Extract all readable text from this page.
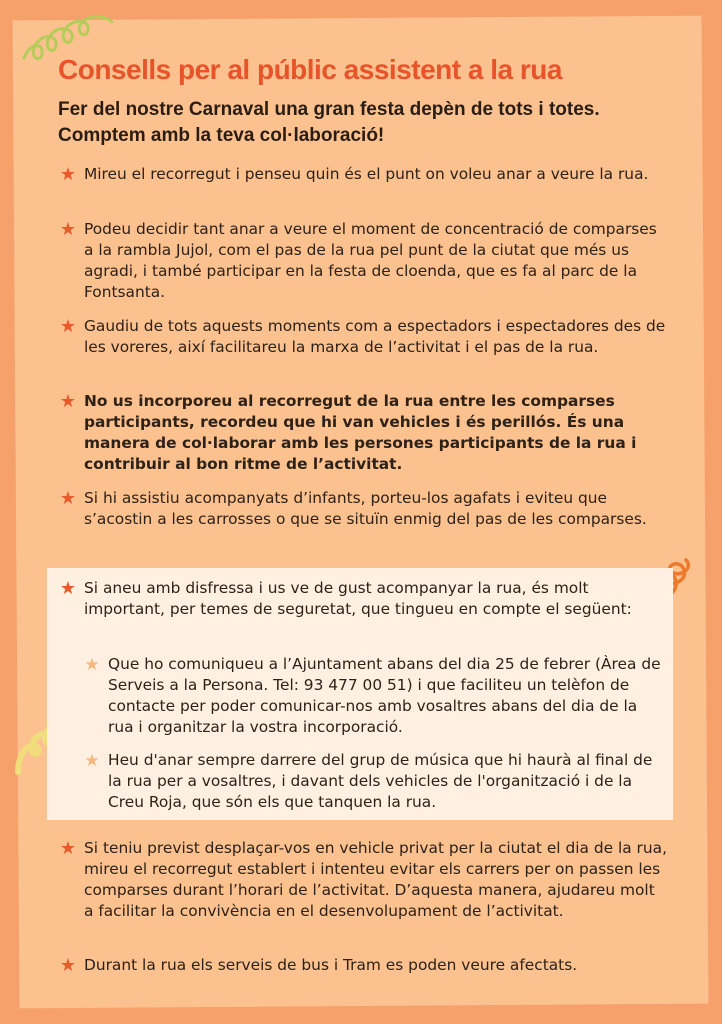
Consells per al públic assistent a la rua

Fer del nostre Carnaval una gran festa depèn de tots i totes. Comptem amb la teva col·laboració!

★ Mireu el recorregut i penseu quin és el punt on voleu anar a veure la rua.
★ Podeu decidir tant anar a veure el moment de concentració de comparses a la rambla Jujol, com el pas de la rua pel punt de la ciutat que més us agradi, i també participar en la festa de cloenda, que es fa al parc de la Fontsanta.
★ Gaudiu de tots aquests moments com a espectadors i espectadores des de les voreres, així facilitareu la marxa de l’activitat i el pas de la rua.
★ No us incorporeu al recorregut de la rua entre les comparses participants, recordeu que hi van vehicles i és perillós. És una manera de col·laborar amb les persones participants de la rua i contribuir al bon ritme de l’activitat.
★ Si hi assistiu acompanyats d’infants, porteu-los agafats i eviteu que s’acostin a les carrosses o que se situïn enmig del pas de les comparses.
★ Si aneu amb disfressa i us ve de gust acompanyar la rua, és molt important, per temes de seguretat, que tingueu en compte el següent:
★ Que ho comuniqueu a l’Ajuntament abans del dia 25 de febrer (Àrea de Serveis a la Persona. Tel: 93 477 00 51) i que faciliteu un telèfon de contacte per poder comunicar-nos amb vosaltres abans del dia de la rua i organitzar la vostra incorporació.
★ Heu d'anar sempre darrere del grup de música que hi haurà al final de la rua per a vosaltres, i davant dels vehicles de l'organització i de la Creu Roja, que són els que tanquen la rua.
★ Si teniu previst desplaçar-vos en vehicle privat per la ciutat el dia de la rua, mireu el recorregut establert i intenteu evitar els carrers per on passen les comparses durant l’horari de l’activitat. D’aquesta manera, ajudareu molt a facilitar la convivència en el desenvolupament de l’activitat.
★ Durant la rua els serveis de bus i Tram es poden veure afectats.
